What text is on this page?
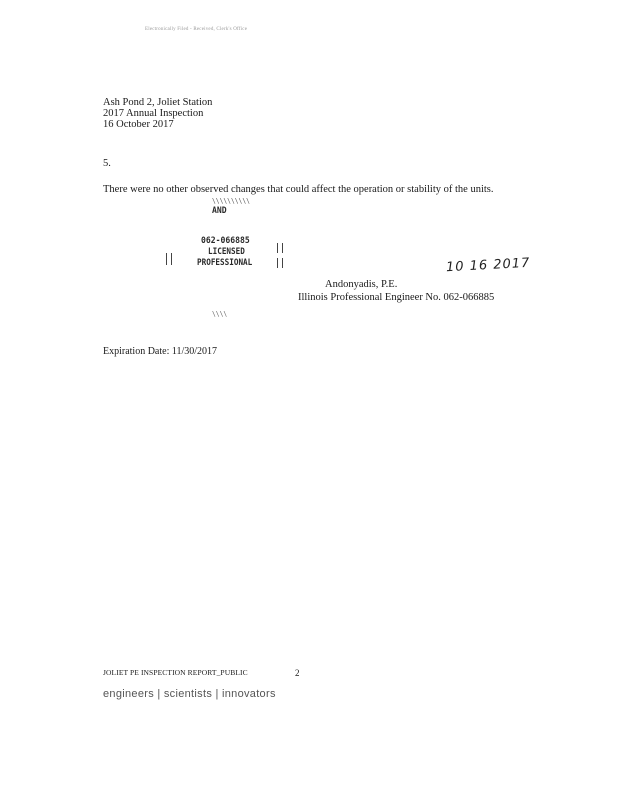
Electronically Filed - Received, Clerk's Office
Ash Pond 2, Joliet Station
2017 Annual Inspection
16 October 2017
5.
There were no other observed changes that could affect the operation or stability of the units.
\\\\\\\\\\
AND
062-066885
LICENSED
PROFESSIONAL
\\\\
10 16 2017
Andonyadis, P.E.
Illinois Professional Engineer No. 062-066885
Expiration Date: 11/30/2017
JOLIET PE INSPECTION REPORT_PUBLIC	2
engineers | scientists | innovators
